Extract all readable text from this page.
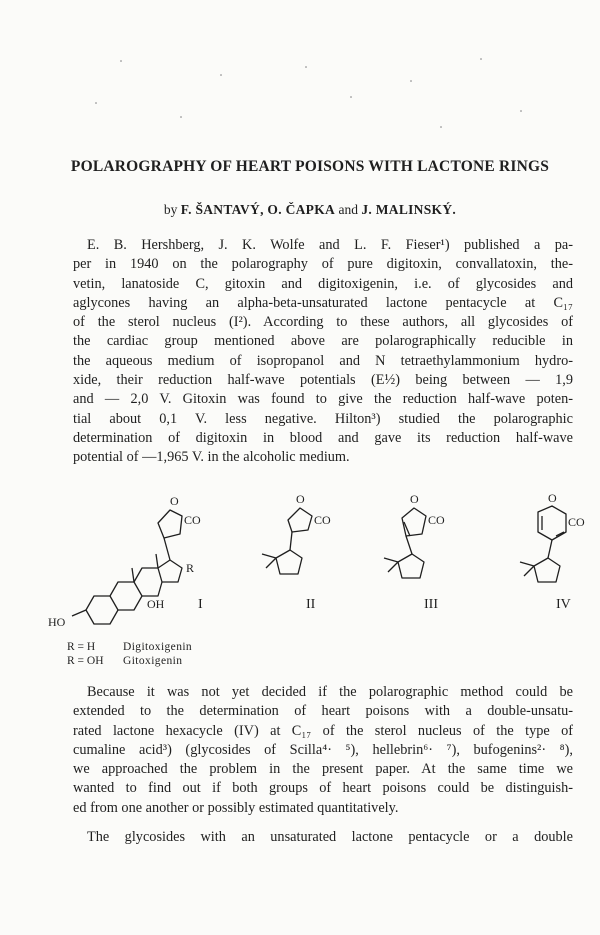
POLAROGRAPHY OF HEART POISONS WITH LACTONE RINGS
by F. ŠANTAVÝ, O. ČAPKA and J. MALINSKÝ.
E. B. Hershberg, J. K. Wolfe and L. F. Fieser¹) published a pa-
per in 1940 on the polarography of pure digitoxin, convallatoxin, the-
vetin, lanatoside C, gitoxin and digitoxigenin, i.e. of glycosides and
aglycones having an alpha-beta-unsaturated lactone pentacycle at C₁₇
of the sterol nucleus (I²). According to these authors, all glycosides of
the cardiac group mentioned above are polarographically reducible in
the aqueous medium of isopropanol and N tetraethylammonium hydro-
xide, their reduction half-wave potentials (E½) being between — 1,9
and — 2,0 V. Gitoxin was found to give the reduction half-wave poten-
tial about 0,1 V. less negative. Hilton³) studied the polarographic
determination of digitoxin in blood and gave its reduction half-wave
potential of —1,965 V. in the alcoholic medium.
O
CO
R
OH
HO
O
CO
O
CO
O
CO
I	II	III	IV
R = H	Digitoxigenin
R = OH	Gitoxigenin
Because it was not yet decided if the polarographic method could be
extended to the determination of heart poisons with a double-unsatu-
rated lactone hexacycle (IV) at C₁₇ of the sterol nucleus of the type of
cumaline acid³) (glycosides of Scilla⁴· ⁵), hellebrin⁶· ⁷), bufogenins²· ⁸),
we approached the problem in the present paper. At the same time we
wanted to find out if both groups of heart poisons could be distinguish-
ed from one another or possibly estimated quantitatively.
The glycosides with an unsaturated lactone pentacycle or a double
